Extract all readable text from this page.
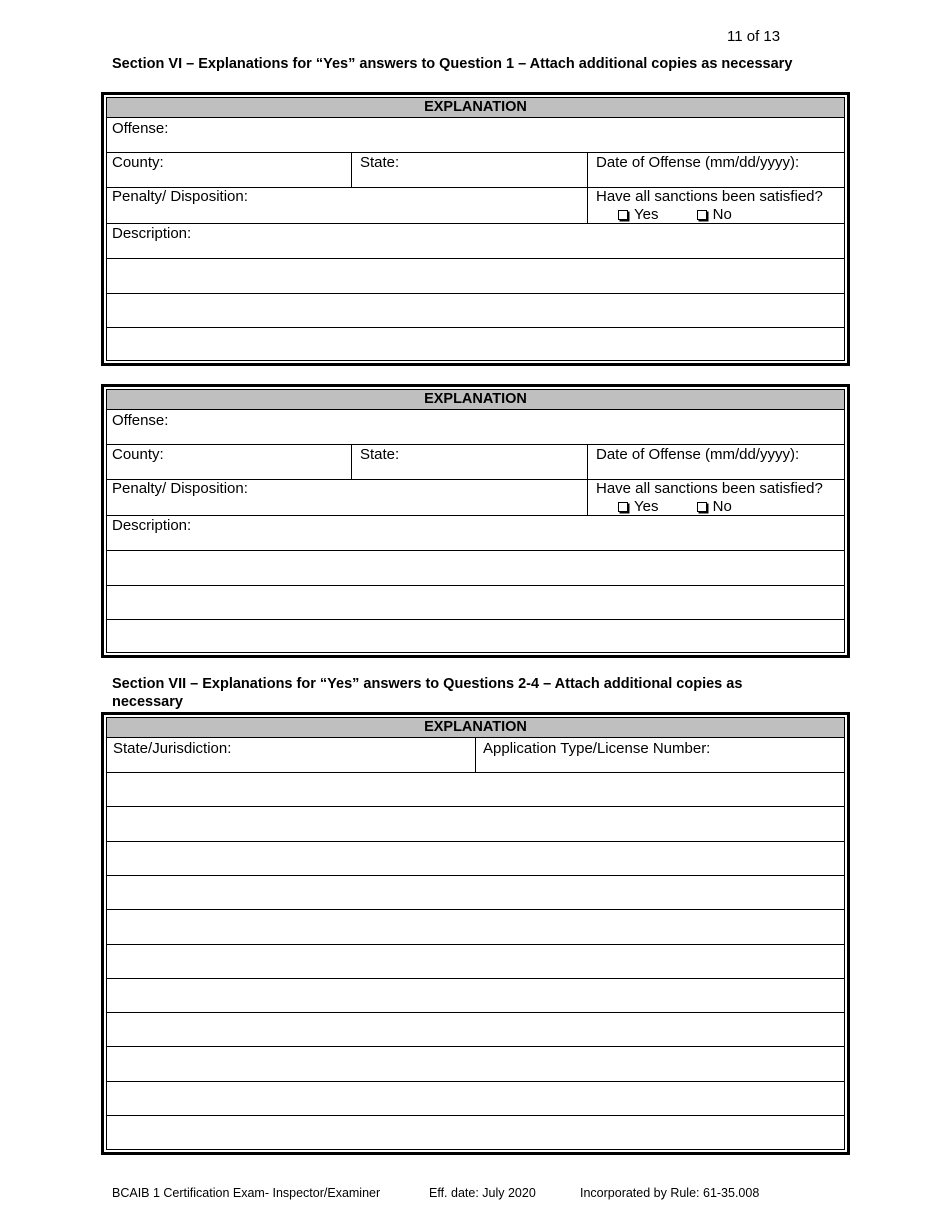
11 of 13
Section VI – Explanations for “Yes” answers to Question 1 – Attach additional copies as necessary
EXPLANATION
Offense:
County:	State:	Date of Offense (mm/dd/yyyy):
Penalty/ Disposition:	Have all sanctions been satisfied?
Yes	No
Description:
EXPLANATION
Offense:
County:	State:	Date of Offense (mm/dd/yyyy):
Penalty/ Disposition:	Have all sanctions been satisfied?
Yes	No
Description:
Section VII – Explanations for “Yes” answers to Questions 2-4 – Attach additional copies as necessary
EXPLANATION
State/Jurisdiction:	Application Type/License Number:
BCAIB 1 Certification Exam- Inspector/Examiner	Eff. date: July 2020	Incorporated by Rule: 61-35.008
